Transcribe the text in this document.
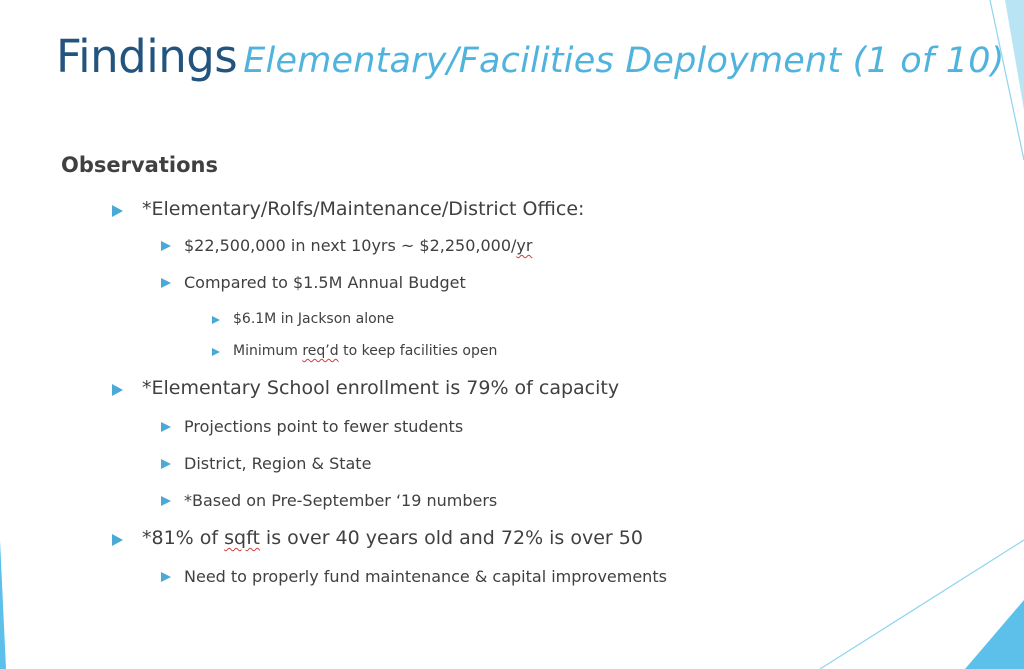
Findings Elementary/Facilities Deployment (1 of 10)
Observations
*Elementary/Rolfs/Maintenance/District Office:
$22,500,000 in next 10yrs ~ $2,250,000/yr
Compared to $1.5M Annual Budget
$6.1M in Jackson alone
Minimum req’d to keep facilities open
*Elementary School enrollment is 79% of capacity
Projections point to fewer students
District, Region & State
*Based on Pre-September ‘19 numbers
*81% of sqft is over 40 years old and 72% is over 50
Need to properly fund maintenance & capital improvements
